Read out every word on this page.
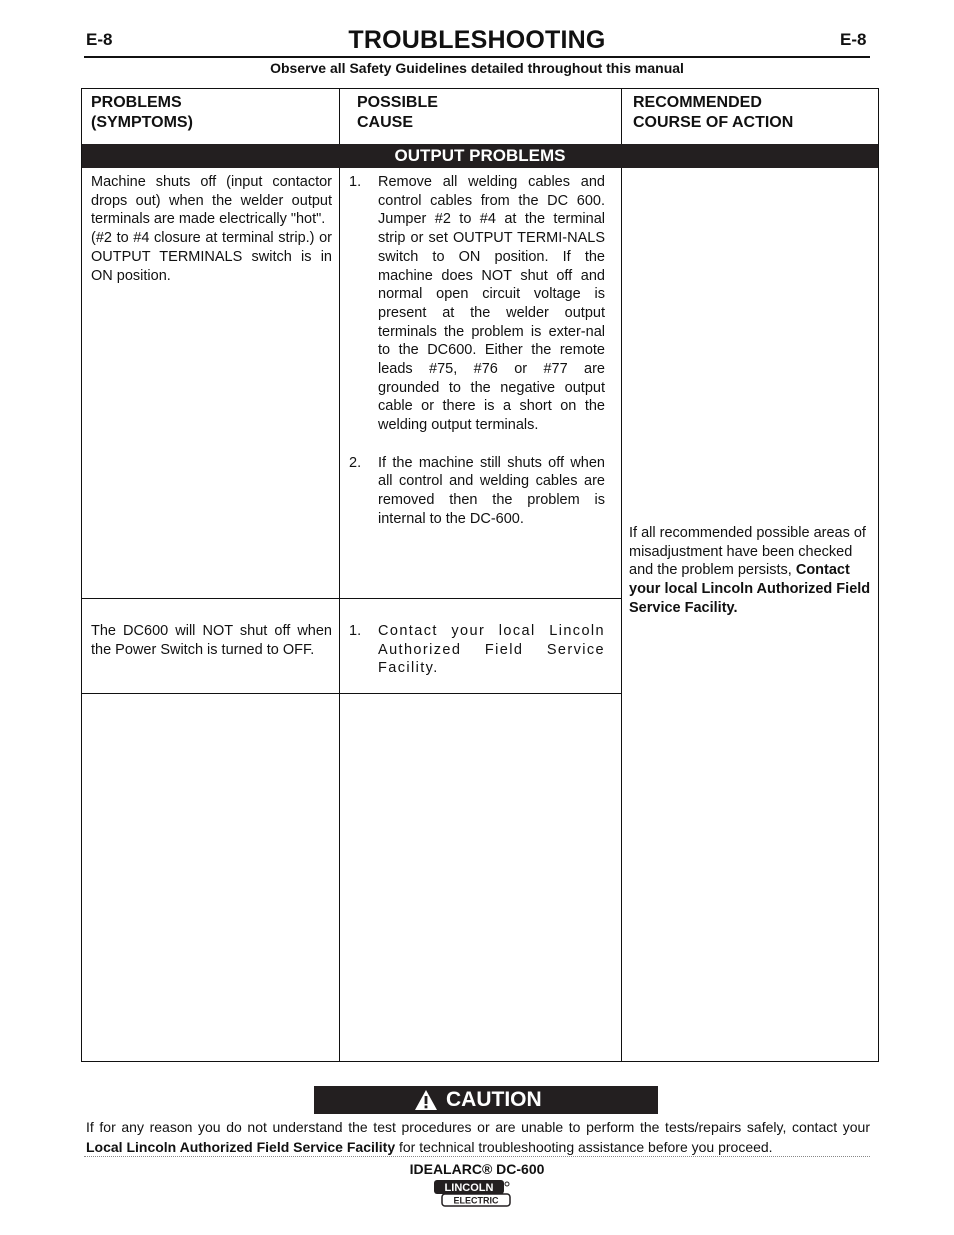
E-8	TROUBLESHOOTING	E-8
Observe all Safety Guidelines detailed throughout this manual
PROBLEMS
(SYMPTOMS)
POSSIBLE
CAUSE
RECOMMENDED
COURSE OF ACTION
OUTPUT PROBLEMS
Machine shuts off (input contactor drops out) when the welder output terminals are made electrically "hot".
(#2 to #4 closure at terminal strip.) or OUTPUT TERMINALS switch is in ON position.
1. Remove all welding cables and control cables from the DC 600. Jumper #2 to #4 at the terminal strip or set OUTPUT TERMI-NALS switch to ON position. If the machine does NOT shut off and normal open circuit voltage is present at the welder output terminals the problem is exter-nal to the DC600. Either the remote leads #75, #76 or #77 are grounded to the negative output cable or there is a short on the welding output terminals.
2. If the machine still shuts off when all control and welding cables are removed then the problem is internal to the DC-600.
The DC600 will NOT shut off when the Power Switch is turned to OFF.
1. Contact your local Lincoln Authorized Field Service Facility.
If all recommended possible areas of misadjustment have been checked and the problem persists, Contact your local Lincoln Authorized Field Service Facility.
CAUTION
If for any reason you do not understand the test procedures or are unable to perform the tests/repairs safely, contact your Local Lincoln Authorized Field Service Facility for technical troubleshooting assistance before you proceed.
IDEALARC® DC-600
LINCOLN
ELECTRIC
